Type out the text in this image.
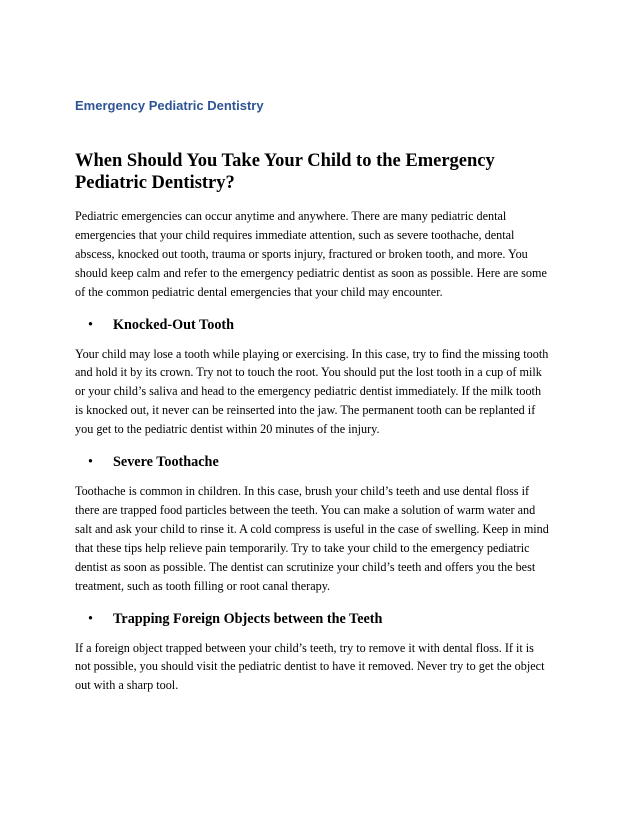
Emergency Pediatric Dentistry
When Should You Take Your Child to the Emergency
Pediatric Dentistry?

Pediatric emergencies can occur anytime and anywhere. There are many pediatric dental
emergencies that your child requires immediate attention, such as severe toothache, dental
abscess, knocked out tooth, trauma or sports injury, fractured or broken tooth, and more. You
should keep calm and refer to the emergency pediatric dentist as soon as possible. Here are some
of the common pediatric dental emergencies that your child may encounter.

• Knocked-Out Tooth

Your child may lose a tooth while playing or exercising. In this case, try to find the missing tooth
and hold it by its crown. Try not to touch the root. You should put the lost tooth in a cup of milk
or your child’s saliva and head to the emergency pediatric dentist immediately. If the milk tooth
is knocked out, it never can be reinserted into the jaw. The permanent tooth can be replanted if
you get to the pediatric dentist within 20 minutes of the injury.

• Severe Toothache

Toothache is common in children. In this case, brush your child’s teeth and use dental floss if
there are trapped food particles between the teeth. You can make a solution of warm water and
salt and ask your child to rinse it. A cold compress is useful in the case of swelling. Keep in mind
that these tips help relieve pain temporarily. Try to take your child to the emergency pediatric
dentist as soon as possible. The dentist can scrutinize your child’s teeth and offers you the best
treatment, such as tooth filling or root canal therapy.

• Trapping Foreign Objects between the Teeth

If a foreign object trapped between your child’s teeth, try to remove it with dental floss. If it is
not possible, you should visit the pediatric dentist to have it removed. Never try to get the object
out with a sharp tool.
